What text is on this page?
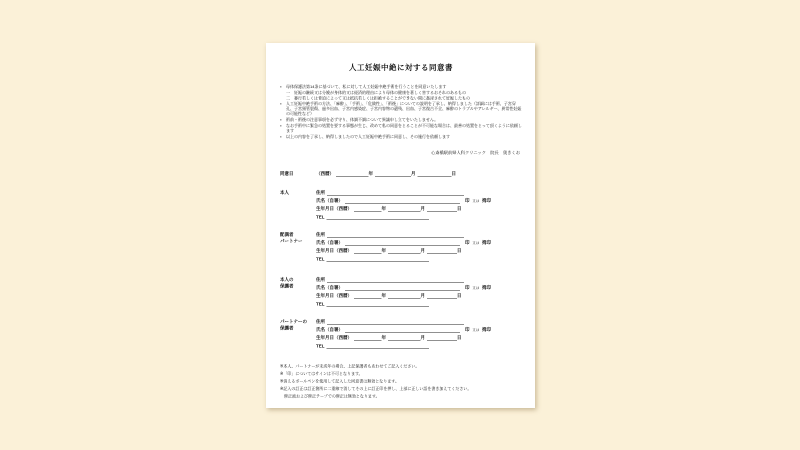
人工妊娠中絶に対する同意書
● 母体保護法第14条に基づいて、私に対して人工妊娠中絶手術を行うことを同意いたします
一　妊娠の継続又は分娩が身体的又は経済的理由により母体の健康を著しく害するおそれのあるもの
二　暴行若しくは脅迫によって又は抵抗若しくは拒絶することができない間に姦淫されて妊娠したもの
● 人工妊娠中絶手術の方法、「麻酔」、「手術」、「危険性」、「術後」についての説明を了承し、納得しました（詳細には手術、子宮穿孔、子宮頸管裂傷、過多出血、子宮内感染症、子宮内容物の遺残、出血、子宮復古不全、麻酔のトラブルやアレルギー、異常性妊娠の可能性など）
● 術前・術後の注意事項を必ず守り、体調不調について異議申し立てをいたしません。
● なお手術中に緊急の処置を要する事態が生じ、改めて私の同意をとることが不可能な場合は、最善の処置をとって頂くように依頼します
● 以上の内容を了承し、納得しましたので人工妊娠中絶手術に同意し、その施行を依頼します
心斎橋駅前婦人科クリニック　院長　奥きくお
同意日	（西暦）	年	月	日
本人	住所
氏名（自署）	印 又は 拇印
生年月日（西暦）	年	月	日
TEL
配偶者
パートナー
住所
氏名（自署）	印 又は 拇印
生年月日（西暦）	年	月	日
TEL
本人の
保護者
住所
氏名（自署）	印 又は 拇印
生年月日（西暦）	年	月	日
TEL
パートナーの
保護者
住所
氏名（自署）	印 又は 拇印
生年月日（西暦）	年	月	日
TEL
※本人、パートナーが未成年の場合、上記保護者もあわせてご記入ください。
※「印」についてはサインは不可となります。
※消えるボールペンを使用して記入した同意書は無効となります。
※記入の訂正は訂正箇所に二重線で消してその上に訂正印を押し、上部に正しい語を書き加えてください。
修正液および修正テープでの修正は無効となります。
